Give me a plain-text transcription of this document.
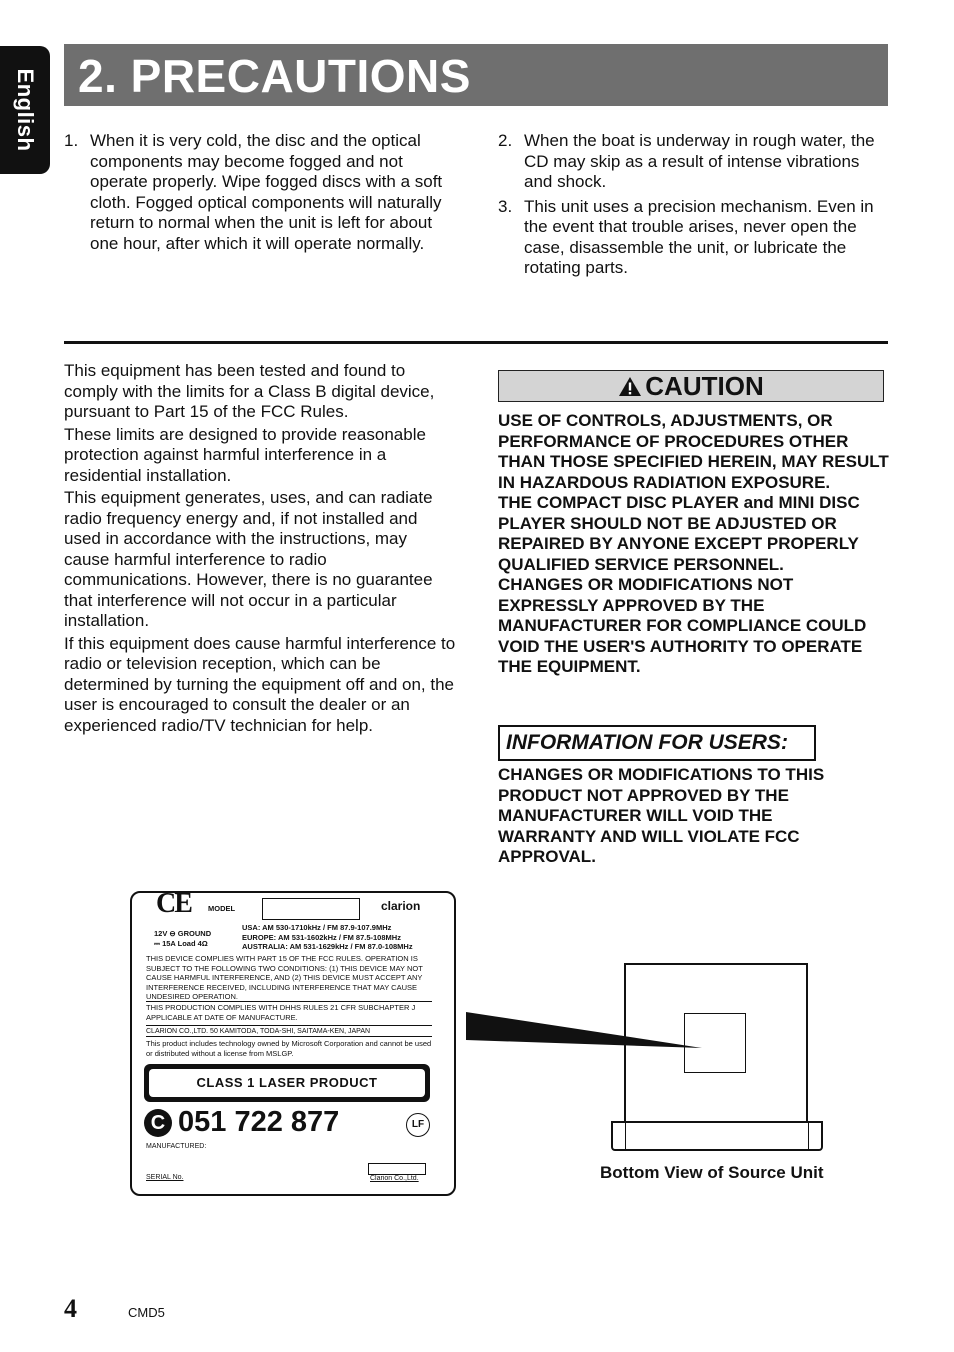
English 2. PRECAUTIONS
1. When it is very cold, the disc and the optical components may become fogged and not operate properly. Wipe fogged discs with a soft cloth. Fogged optical components will naturally return to normal when the unit is left for about one hour, after which it will operate normally.
2. When the boat is underway in rough water, the CD may skip as a result of intense vibrations and shock.
3. This unit uses a precision mechanism. Even in the event that trouble arises, never open the case, disassemble the unit, or lubricate the rotating parts.

This equipment has been tested and found to comply with the limits for a Class B digital device, pursuant to Part 15 of the FCC Rules.

These limits are designed to provide reasonable protection against harmful interference in a residential installation.

This equipment generates, uses, and can radiate radio frequency energy and, if not installed and used in accordance with the instructions, may cause harmful interference to radio communications. However, there is no guarantee that interference will not occur in a particular installation.

If this equipment does cause harmful interference to radio or television reception, which can be determined by turning the equipment off and on, the user is encouraged to consult the dealer or an experienced radio/TV technician for help.

CAUTION

USE OF CONTROLS, ADJUSTMENTS, OR PERFORMANCE OF PROCEDURES OTHER THAN THOSE SPECIFIED HEREIN, MAY RESULT IN HAZARDOUS RADIATION EXPOSURE.

THE COMPACT DISC PLAYER and MINI DISC PLAYER SHOULD NOT BE ADJUSTED OR REPAIRED BY ANYONE EXCEPT PROPERLY QUALIFIED SERVICE PERSONNEL.

CHANGES OR MODIFICATIONS NOT EXPRESSLY APPROVED BY THE MANUFACTURER FOR COMPLIANCE COULD VOID THE USER'S AUTHORITY TO OPERATE THE EQUIPMENT.

INFORMATION FOR USERS:

CHANGES OR MODIFICATIONS TO THIS PRODUCT NOT APPROVED BY THE MANUFACTURER WILL VOID THE WARRANTY AND WILL VIOLATE FCC APPROVAL.

CE MODEL	clarion
12V ⊖ GROUND
⎓ 15A Load 4Ω
USA: AM 530-1710kHz / FM 87.9-107.9MHz
EUROPE: AM 531-1602kHz / FM 87.5-108MHz
AUSTRALIA: AM 531-1629kHz / FM 87.0-108MHz
THIS DEVICE COMPLIES WITH PART 15 OF THE FCC RULES. OPERATION IS SUBJECT TO THE FOLLOWING TWO CONDITIONS: (1) THIS DEVICE MAY NOT CAUSE HARMFUL INTERFERENCE, AND (2) THIS DEVICE MUST ACCEPT ANY INTERFERENCE RECEIVED, INCLUDING INTERFERENCE THAT MAY CAUSE UNDESIRED OPERATION.
THIS PRODUCTION COMPLIES WITH DHHS RULES 21 CFR SUBCHAPTER J APPLICABLE AT DATE OF MANUFACTURE.
CLARION CO.,LTD. 50 KAMITODA, TODA-SHI, SAITAMA-KEN, JAPAN
This product includes technology owned by Microsoft Corporation and cannot be used or distributed without a license from MSLGP.
CLASS 1 LASER PRODUCT
C 051 722 877	LF
MANUFACTURED:
SERIAL No.	Clarion Co.,Ltd.	Bottom View of Source Unit
4	CMD5
